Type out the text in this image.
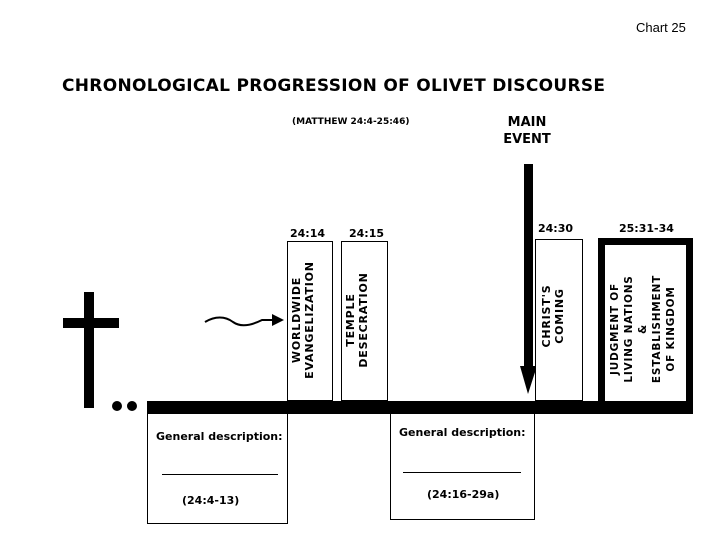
Chart 25
CHRONOLOGICAL PROGRESSION OF OLIVET DISCOURSE
(MATTHEW 24:4-25:46)	MAIN
EVENT
24:14 24:15	24:30	25:31-34
WORLDWIDE EVANGELIZATION	TEMPLE DESECRATION	CHRIST'S COMING	JUDGMENT OF LIVING NATIONS & ESTABLISHMENT OF KINGDOM
General description:
(24:4-13)
General description:
(24:16-29a)
